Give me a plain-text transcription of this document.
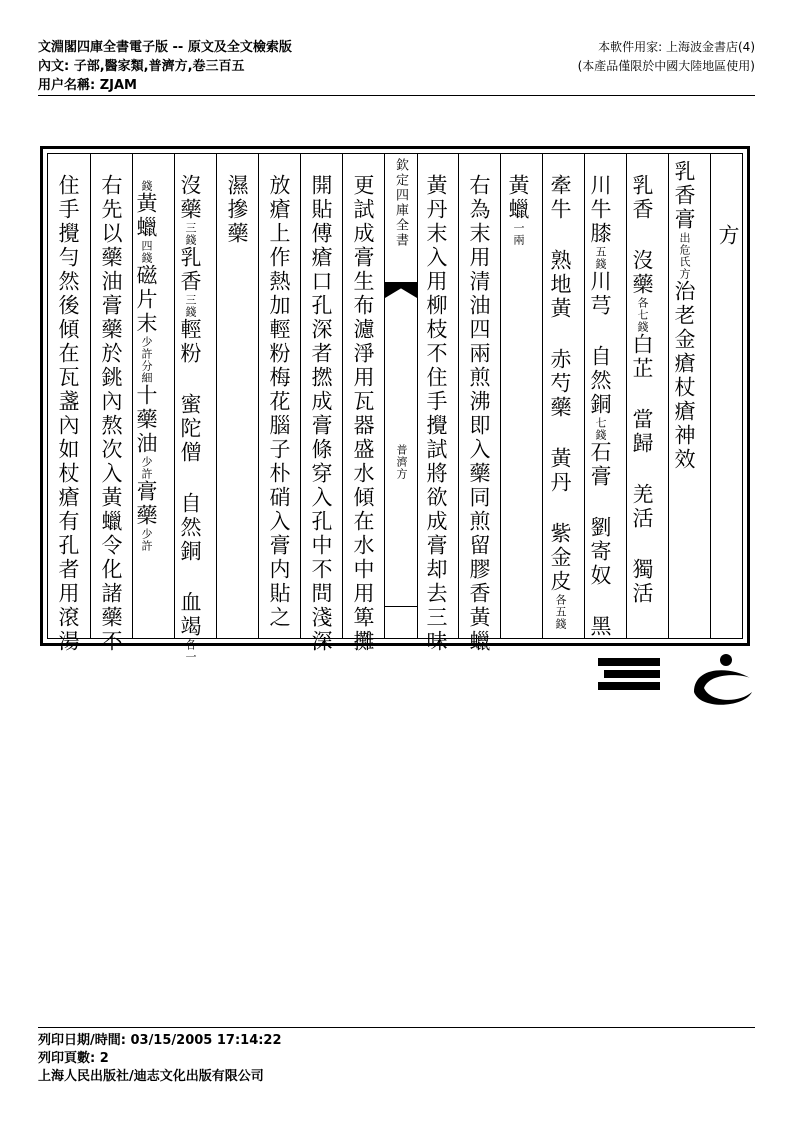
文淵閣四庫全書電子版 -- 原文及全文檢索版
內文: 子部,醫家類,普濟方,卷三百五
用户名稱: ZJAM
本軟件用家: 上海波金書店(4)
(本產品僅限於中國大陸地區使用)
住手攪勻然後傾在瓦盞內如杖瘡有孔者用滾湯 右先以藥油膏藥於銚內熬次入黃蠟令化諸藥不	錢黃蠟四錢磁片末少許分細十藥油少許膏藥少許
沒藥三錢乳香三錢輕粉 蜜陀僧 自然銅 血竭各一
濕摻藥 放瘡上作熱加輕粉梅花腦子朴硝入膏内貼之 開貼傅瘡口孔深者撚成膏條穿入孔中不問淺深 更試成膏生布濾淨用瓦器盛水傾在水中用箄攤 欽定四庫全書
普濟方 黃丹末入用柳枝不住手攪試將欲成膏却去三味 右為末用清油四兩煎沸即入藥同煎留膠香黃蠟 黃蠟一兩 牽牛 熟地黃 赤芍藥 黃丹 紫金皮各五錢
川牛膝五錢川芎 自然銅七錢石膏 劉寄奴 黑
乳香 沒藥各七錢白芷 當歸 羌活 獨活
乳香膏出危氏方治老金瘡杖瘡神效
方
列印日期/時間: 03/15/2005 17:14:22
列印頁數: 2
上海人民出版社/迪志文化出版有限公司
